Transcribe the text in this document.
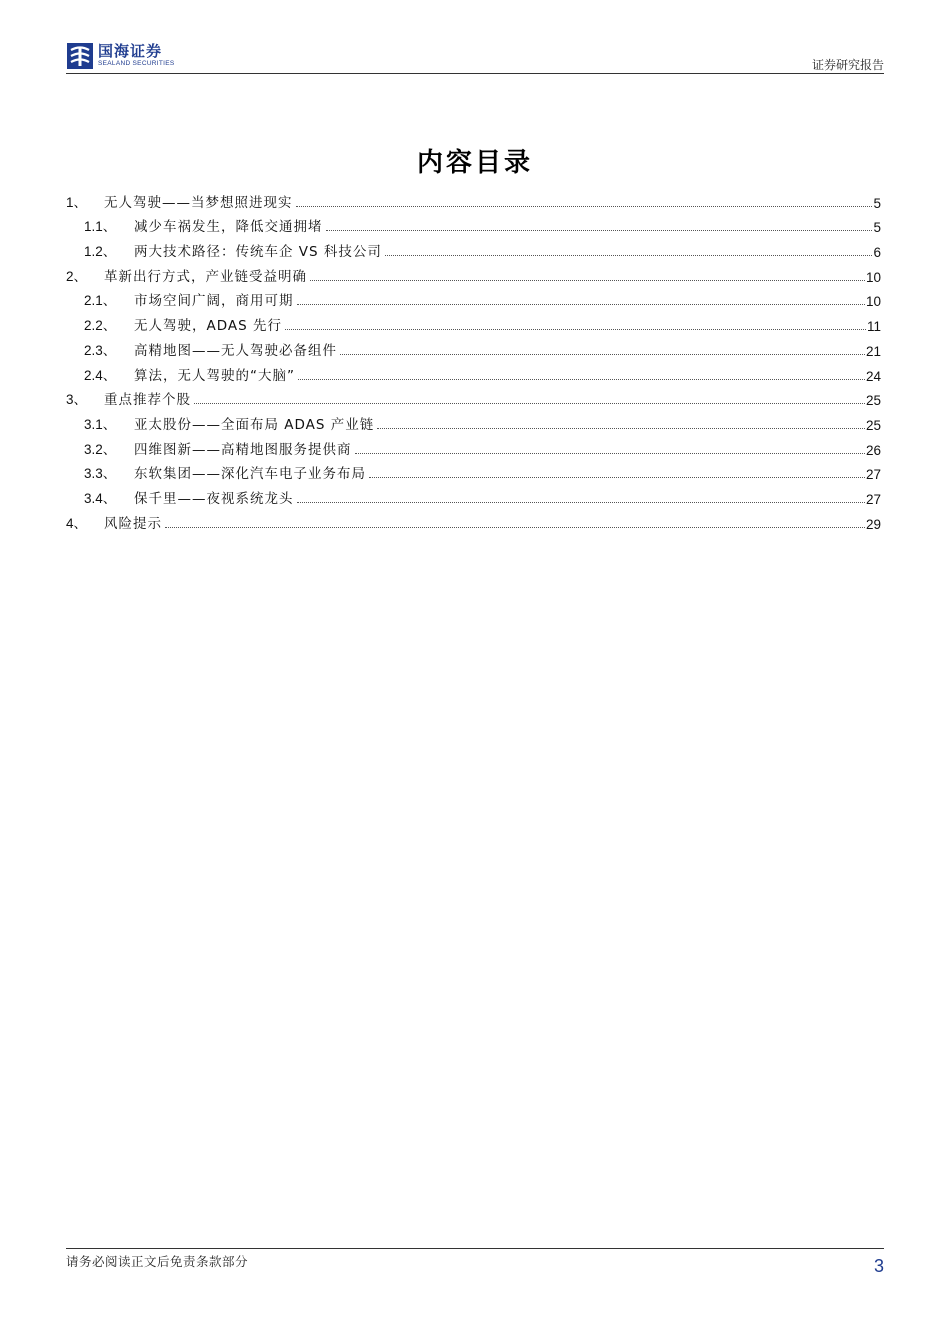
国海证券
SEALAND SECURITIES	证券研究报告
内容目录
1、	无人驾驶——当梦想照进现实	5
1.1、	减少车祸发生，降低交通拥堵	5
1.2、	两大技术路径：传统车企 VS 科技公司	6
2、	革新出行方式，产业链受益明确	10
2.1、	市场空间广阔，商用可期	10
2.2、	无人驾驶，ADAS 先行	11
2.3、	高精地图——无人驾驶必备组件	21
2.4、	算法，无人驾驶的“大脑”	24
3、	重点推荐个股	25
3.1、	亚太股份——全面布局 ADAS 产业链	25
3.2、	四维图新——高精地图服务提供商	26
3.3、	东软集团——深化汽车电子业务布局	27
3.4、	保千里——夜视系统龙头	27
4、	风险提示	29
请务必阅读正文后免责条款部分	3
